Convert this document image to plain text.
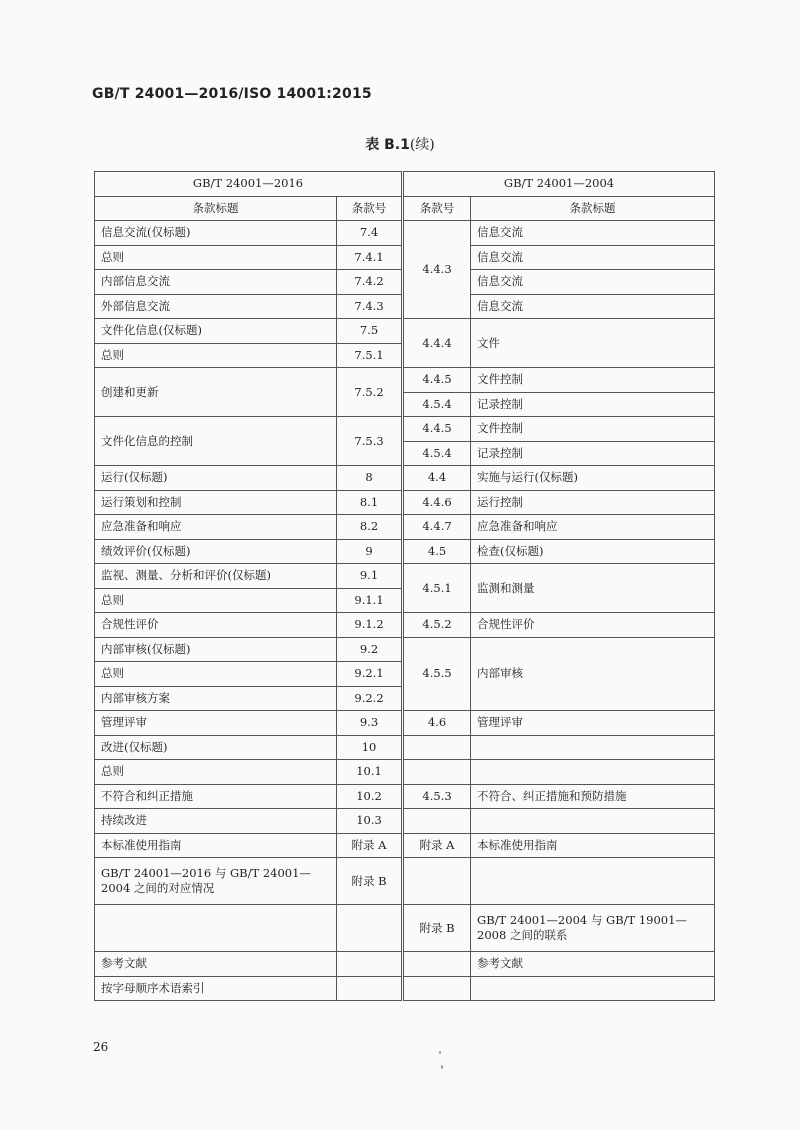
GB/T 24001—2016/ISO 14001:2015
表 B.1(续)
GB/T 24001—2016		GB/T 24001—2004	
条款标题	条款号	条款号	条款标题
信息交流(仅标题)	7.4	4.4.3	信息交流
总则	7.4.1		信息交流
内部信息交流	7.4.2		信息交流
外部信息交流	7.4.3		信息交流
文件化信息(仅标题)	7.5	4.4.4	文件
总则	7.5.1		
创建和更新	7.5.2	4.4.5	文件控制
		4.5.4	记录控制
文件化信息的控制	7.5.3	4.4.5	文件控制
		4.5.4	记录控制
运行(仅标题)	8	4.4	实施与运行(仅标题)
运行策划和控制	8.1	4.4.6	运行控制
应急准备和响应	8.2	4.4.7	应急准备和响应
绩效评价(仅标题)	9	4.5	检查(仅标题)
监视、测量、分析和评价(仅标题)	9.1	4.5.1	监测和测量
总则	9.1.1		
合规性评价	9.1.2	4.5.2	合规性评价
内部审核(仅标题)	9.2	4.5.5	内部审核
总则	9.2.1		
内部审核方案	9.2.2		
管理评审	9.3	4.6	管理评审
改进(仅标题)	10		
总则	10.1		
不符合和纠正措施	10.2	4.5.3	不符合、纠正措施和预防措施
持续改进	10.3		
本标准使用指南	附录 A	附录 A	本标准使用指南
GB/T 24001—2016 与 GB/T 24001—2004 之间的对应情况	附录 B		
		附录 B	GB/T 24001—2004 与 GB/T 19001—2008 之间的联系
参考文献			参考文献
按字母顺序术语索引			
26
